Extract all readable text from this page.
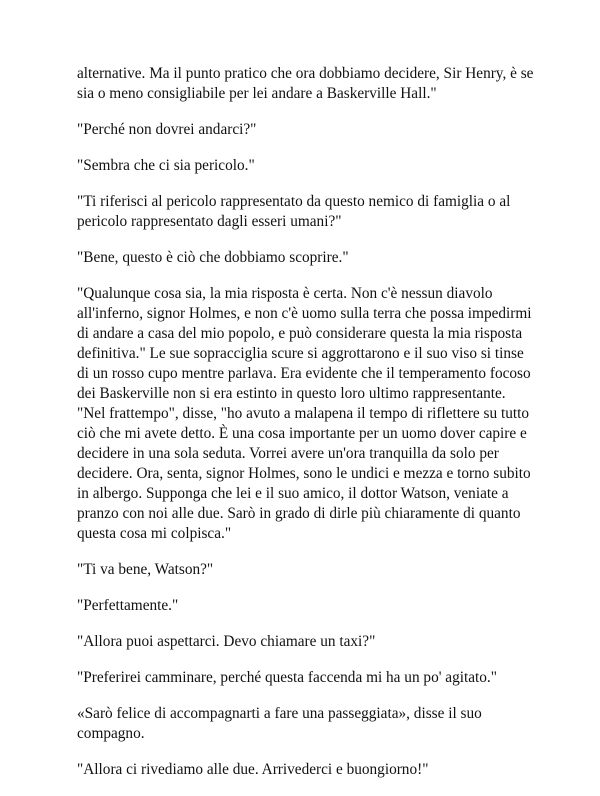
alternative. Ma il punto pratico che ora dobbiamo decidere, Sir Henry, è se sia o meno consigliabile per lei andare a Baskerville Hall."

"Perché non dovrei andarci?"

"Sembra che ci sia pericolo."

"Ti riferisci al pericolo rappresentato da questo nemico di famiglia o al pericolo rappresentato dagli esseri umani?"

"Bene, questo è ciò che dobbiamo scoprire."

"Qualunque cosa sia, la mia risposta è certa. Non c'è nessun diavolo all'inferno, signor Holmes, e non c'è uomo sulla terra che possa impedirmi di andare a casa del mio popolo, e può considerare questa la mia risposta definitiva." Le sue sopracciglia scure si aggrottarono e il suo viso si tinse di un rosso cupo mentre parlava. Era evidente che il temperamento focoso dei Baskerville non si era estinto in questo loro ultimo rappresentante. "Nel frattempo", disse, "ho avuto a malapena il tempo di riflettere su tutto ciò che mi avete detto. È una cosa importante per un uomo dover capire e decidere in una sola seduta. Vorrei avere un'ora tranquilla da solo per decidere. Ora, senta, signor Holmes, sono le undici e mezza e torno subito in albergo. Supponga che lei e il suo amico, il dottor Watson, veniate a pranzo con noi alle due. Sarò in grado di dirle più chiaramente di quanto questa cosa mi colpisca."

"Ti va bene, Watson?"

"Perfettamente."

"Allora puoi aspettarci. Devo chiamare un taxi?"

"Preferirei camminare, perché questa faccenda mi ha un po' agitato."

«Sarò felice di accompagnarti a fare una passeggiata», disse il suo compagno.

"Allora ci rivediamo alle due. Arrivederci e buongiorno!"
